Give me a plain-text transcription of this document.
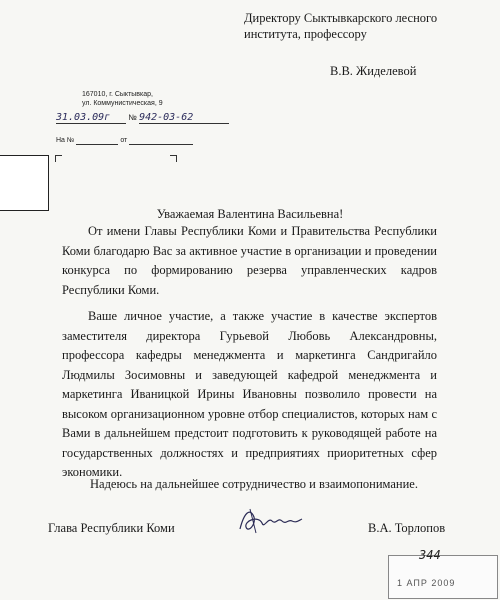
Директору Сыктывкарского лесного института, профессору
В.В. Жиделевой
167010, г. Сыктывкар,
ул. Коммунистическая, 9
31.03.09г № 942-03-62
На №	от
Уважаемая Валентина Васильевна!

От имени Главы Республики Коми и Правительства Республики Коми благодарю Вас за активное участие в организации и проведении конкурса по формированию резерва управленческих кадров Республики Коми.

Ваше личное участие, а также участие в качестве экспертов заместителя директора Гурьевой Любовь Александровны, профессора кафедры менеджмента и маркетинга Сандригайло Людмилы Зосимовны и заведующей кафедрой менеджмента и маркетинга Иваницкой Ирины Ивановны позволило провести на высоком организационном уровне отбор специалистов, которых нам с Вами в дальнейшем предстоит подготовить к руководящей работе на государственных должностях и предприятиях приоритетных сфер экономики.

Надеюсь на дальнейшее сотрудничество и взаимопонимание.

Глава Республики Коми	В.А. Торлопов
344
1 АПР 2009
